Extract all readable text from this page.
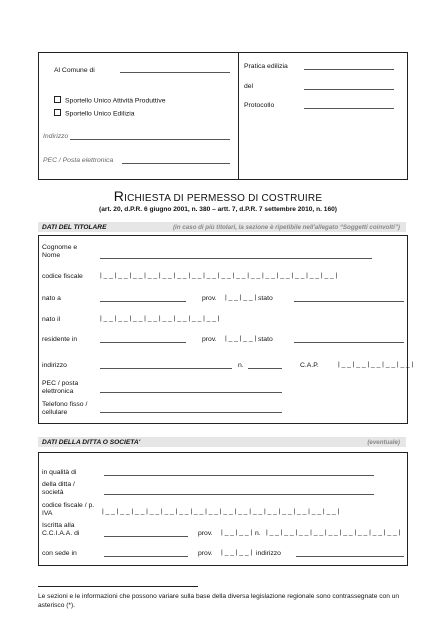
Al Comune di
Sportello Unico Attività Produttive
Sportello Unico Edilizia
Indirizzo
PEC / Posta elettronica
Pratica edilizia
del
Protocollo
RICHIESTA DI PERMESSO DI COSTRUIRE
(art. 20, d.P.R. 6 giugno 2001, n. 380 – artt. 7, d.P.R. 7 settembre 2010, n. 160)
DATI DEL TITOLARE	(in caso di più titolari, la sezione è ripetibile nell'allegato “Soggetti coinvolti”)
Cognome e Nome
codice fiscale	|__|__|__|__|__|__|__|__|__|__|__|__|__|__|__|__|
nato a	prov. |__|__| stato
nato il	|__|__|__|__|__|__|__|__|
residente in	prov. |__|__| stato
indirizzo	n.	C.A.P.	|__|__|__|__|__|
PEC / posta elettronica
Telefono fisso / cellulare
DATI DELLA DITTA O SOCIETA'	(eventuale)
in qualità di
della ditta / società
codice fiscale / p. IVA	|__|__|__|__|__|__|__|__|__|__|__|__|__|__|__|__|
Iscritta alla C.C.I.A.A. di	prov. |__|__| n. |__|__|__|__|__|__|__|__|__|
con sede in	prov. |__|__| indirizzo
Le sezioni e le informazioni che possono variare sulla base della diversa legislazione regionale sono contrassegnate con un asterisco (*).
